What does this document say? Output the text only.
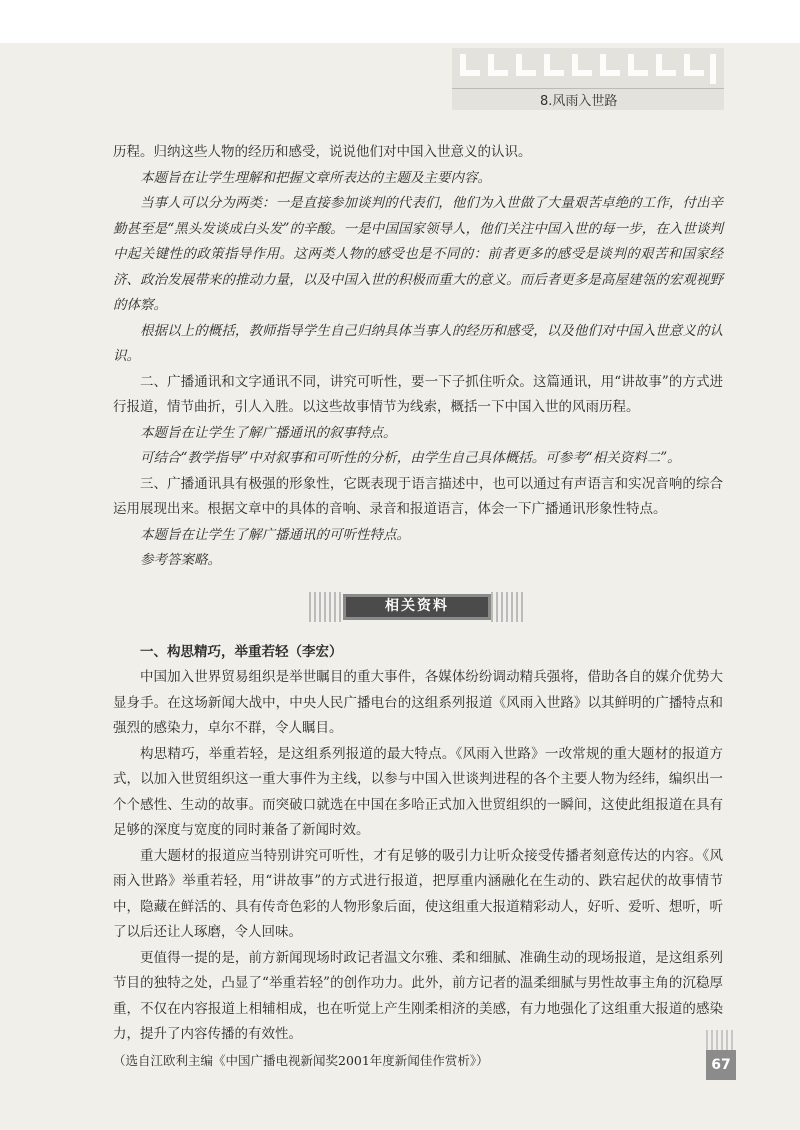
8.风雨入世路

历程。归纳这些人物的经历和感受，说说他们对中国入世意义的认识。

本题旨在让学生理解和把握文章所表达的主题及主要内容。

当事人可以分为两类：一是直接参加谈判的代表们，他们为入世做了大量艰苦卓绝的工作，付出辛勤甚至是“黑头发谈成白头发”的辛酸。一是中国国家领导人，他们关注中国入世的每一步，在入世谈判中起关键性的政策指导作用。这两类人物的感受也是不同的：前者更多的感受是谈判的艰苦和国家经济、政治发展带来的推动力量，以及中国入世的积极而重大的意义。而后者更多是高屋建瓴的宏观视野的体察。

根据以上的概括，教师指导学生自己归纳具体当事人的经历和感受，以及他们对中国入世意义的认识。

二、广播通讯和文字通讯不同，讲究可听性，要一下子抓住听众。这篇通讯，用“讲故事”的方式进行报道，情节曲折，引人入胜。以这些故事情节为线索，概括一下中国入世的风雨历程。

本题旨在让学生了解广播通讯的叙事特点。

可结合“教学指导”中对叙事和可听性的分析，由学生自己具体概括。可参考“相关资料二”。

三、广播通讯具有极强的形象性，它既表现于语言描述中，也可以通过有声语言和实况音响的综合运用展现出来。根据文章中的具体的音响、录音和报道语言，体会一下广播通讯形象性特点。

本题旨在让学生了解广播通讯的可听性特点。

参考答案略。

相关资料

一、构思精巧，举重若轻（李宏）

中国加入世界贸易组织是举世瞩目的重大事件，各媒体纷纷调动精兵强将，借助各自的媒介优势大显身手。在这场新闻大战中，中央人民广播电台的这组系列报道《风雨入世路》以其鲜明的广播特点和强烈的感染力，卓尔不群，令人瞩目。

构思精巧，举重若轻，是这组系列报道的最大特点。《风雨入世路》一改常规的重大题材的报道方式，以加入世贸组织这一重大事件为主线，以参与中国入世谈判进程的各个主要人物为经纬，编织出一个个感性、生动的故事。而突破口就选在中国在多哈正式加入世贸组织的一瞬间，这使此组报道在具有足够的深度与宽度的同时兼备了新闻时效。

重大题材的报道应当特别讲究可听性，才有足够的吸引力让听众接受传播者刻意传达的内容。《风雨入世路》举重若轻，用“讲故事”的方式进行报道，把厚重内涵融化在生动的、跌宕起伏的故事情节中，隐藏在鲜活的、具有传奇色彩的人物形象后面，使这组重大报道精彩动人，好听、爱听、想听，听了以后还让人琢磨，令人回味。

更值得一提的是，前方新闻现场时政记者温文尔雅、柔和细腻、准确生动的现场报道，是这组系列节目的独特之处，凸显了“举重若轻”的创作功力。此外，前方记者的温柔细腻与男性故事主角的沉稳厚重，不仅在内容报道上相辅相成，也在听觉上产生刚柔相济的美感，有力地强化了这组重大报道的感染力，提升了内容传播的有效性。

（选自江欧利主编《中国广播电视新闻奖2001年度新闻佳作赏析》）	67
